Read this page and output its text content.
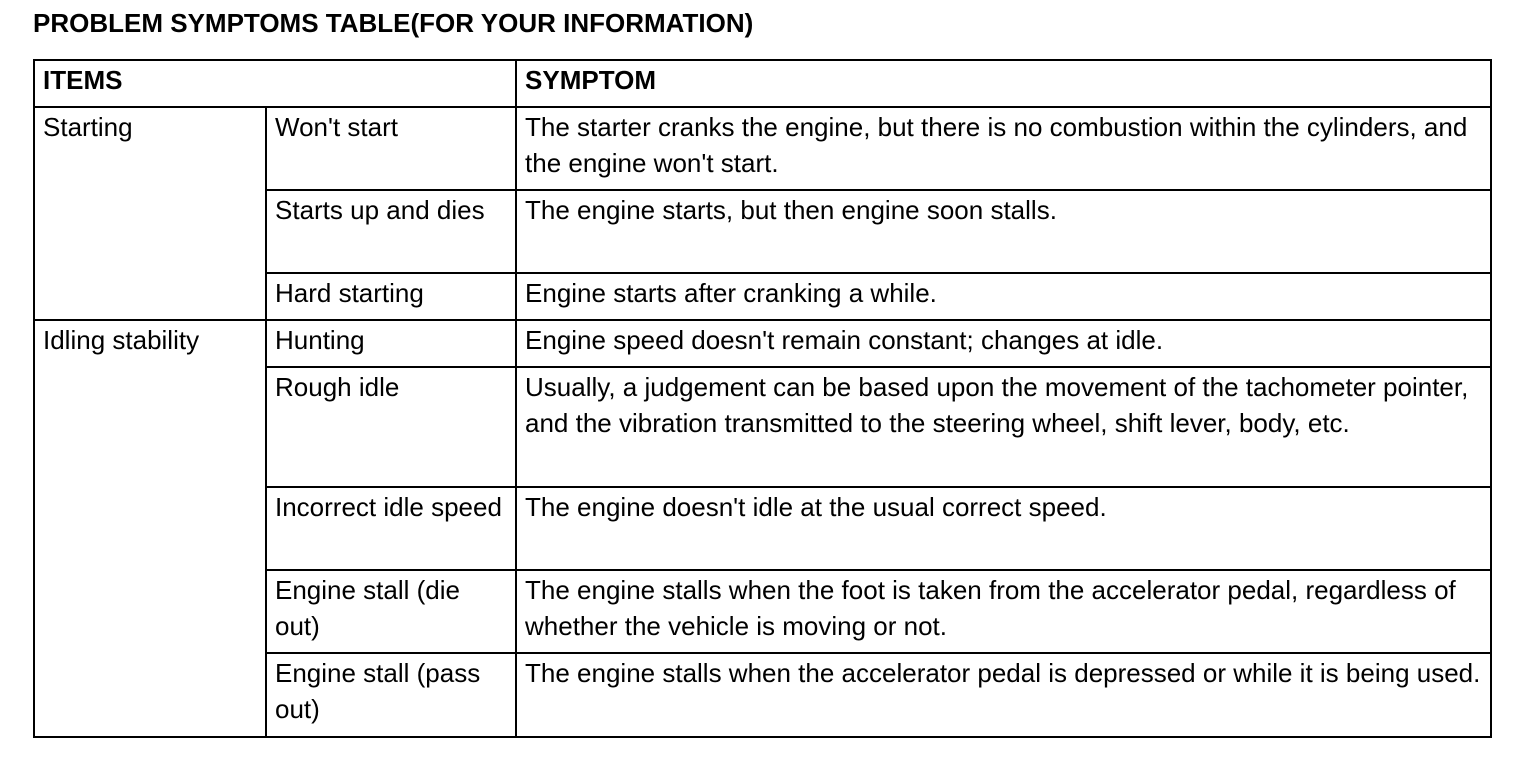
PROBLEM SYMPTOMS TABLE(FOR YOUR INFORMATION)
ITEMS		SYMPTOM
Starting	Won't start	The starter cranks the engine, but there is no combustion within the cylinders, and the engine won't start.
	Starts up and dies	The engine starts, but then engine soon stalls.
	Hard starting	Engine starts after cranking a while.
Idling stability	Hunting	Engine speed doesn't remain constant; changes at idle.
	Rough idle	Usually, a judgement can be based upon the movement of the tachometer pointer, and the vibration transmitted to the steering wheel, shift lever, body, etc.
	Incorrect idle speed	The engine doesn't idle at the usual correct speed.
	Engine stall (die out)	The engine stalls when the foot is taken from the accelerator pedal, regardless of whether the vehicle is moving or not.
	Engine stall (pass out)	The engine stalls when the accelerator pedal is depressed or while it is being used.
